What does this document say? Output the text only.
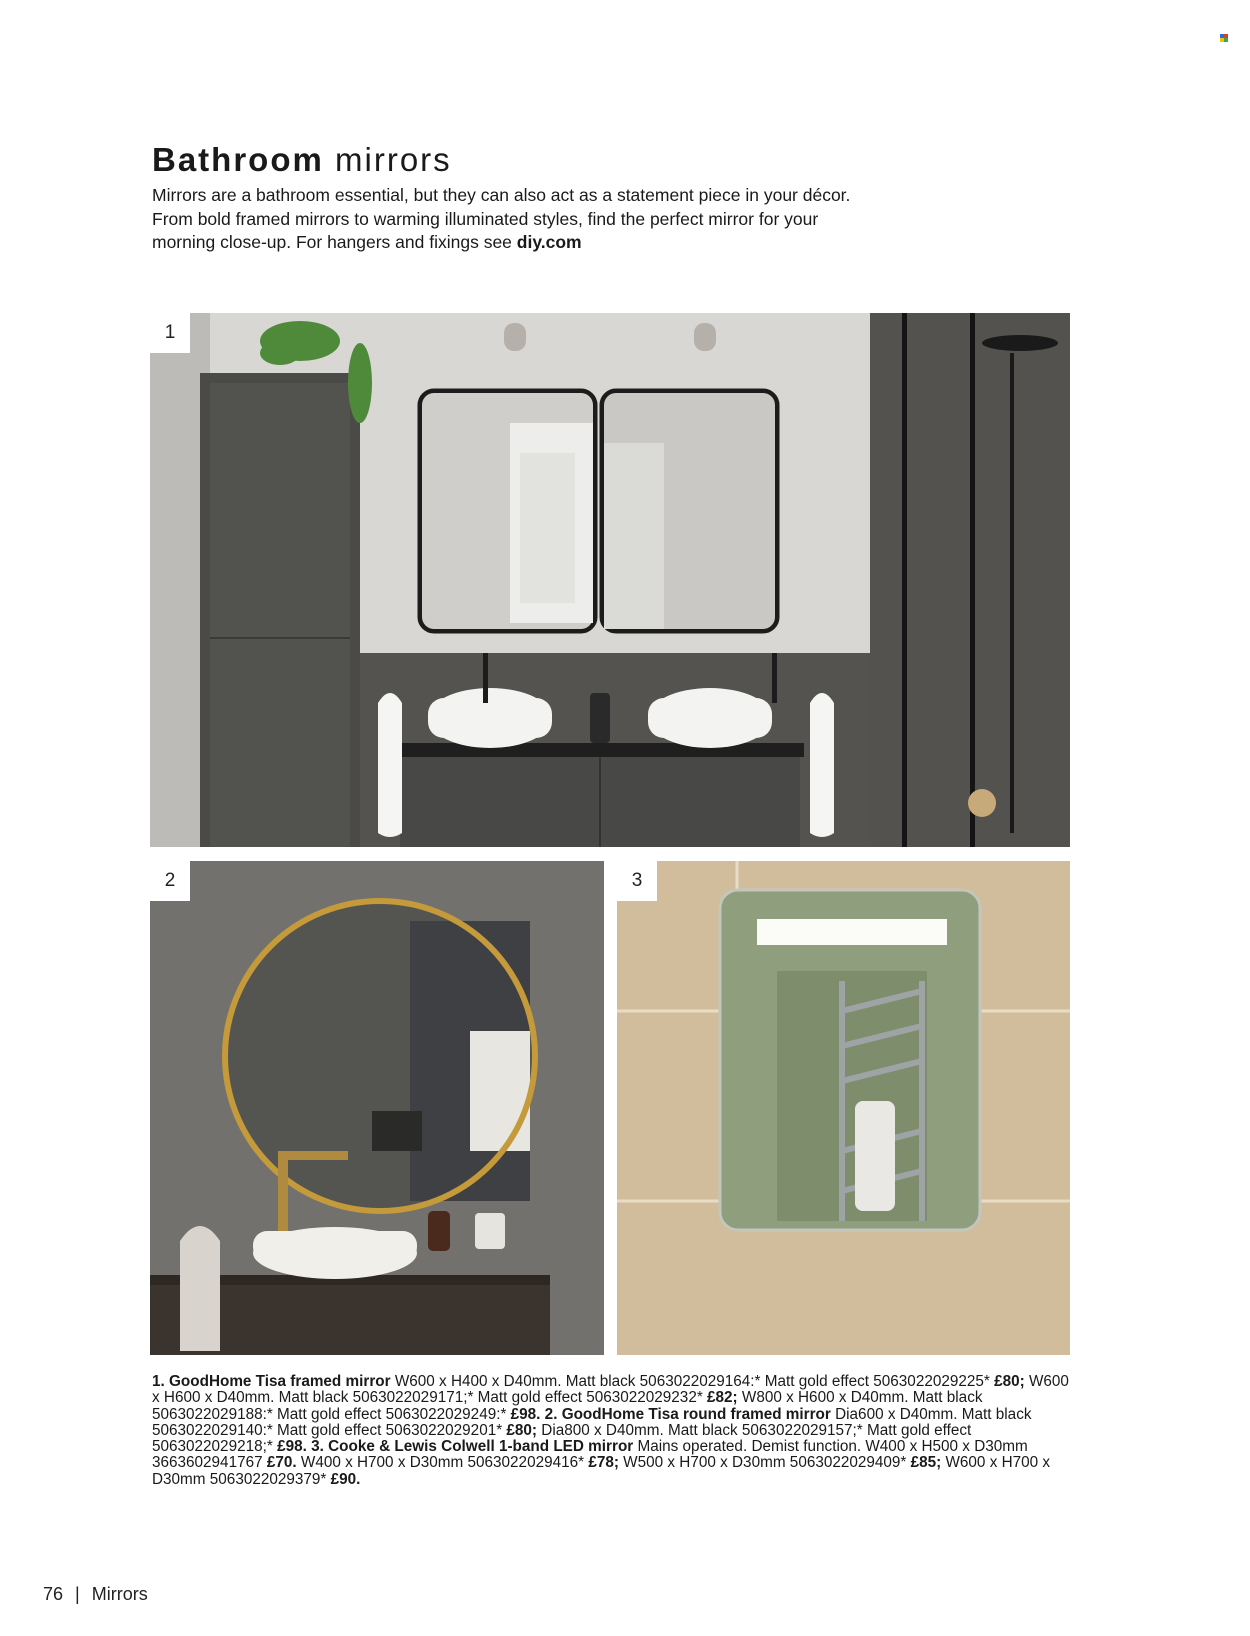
Bathroom mirrors

Mirrors are a bathroom essential, but they can also act as a statement piece in your décor. From bold framed mirrors to warming illuminated styles, find the perfect mirror for your morning close-up. For hangers and fixings see diy.com

1
2	3

1. GoodHome Tisa framed mirror W600 x H400 x D40mm. Matt black 5063022029164:* Matt gold effect 5063022029225* £80; W600 x H600 x D40mm. Matt black 5063022029171;* Matt gold effect 5063022029232* £82; W800 x H600 x D40mm. Matt black 5063022029188:* Matt gold effect 5063022029249:* £98. 2. GoodHome Tisa round framed mirror Dia600 x D40mm. Matt black 5063022029140:* Matt gold effect 5063022029201* £80; Dia800 x D40mm. Matt black 5063022029157;* Matt gold effect 5063022029218;* £98. 3. Cooke & Lewis Colwell 1-band LED mirror Mains operated. Demist function. W400 x H500 x D30mm 3663602941767 £70. W400 x H700 x D30mm 5063022029416* £78; W500 x H700 x D30mm 5063022029409* £85; W600 x H700 x D30mm 5063022029379* £90.

76 | Mirrors
